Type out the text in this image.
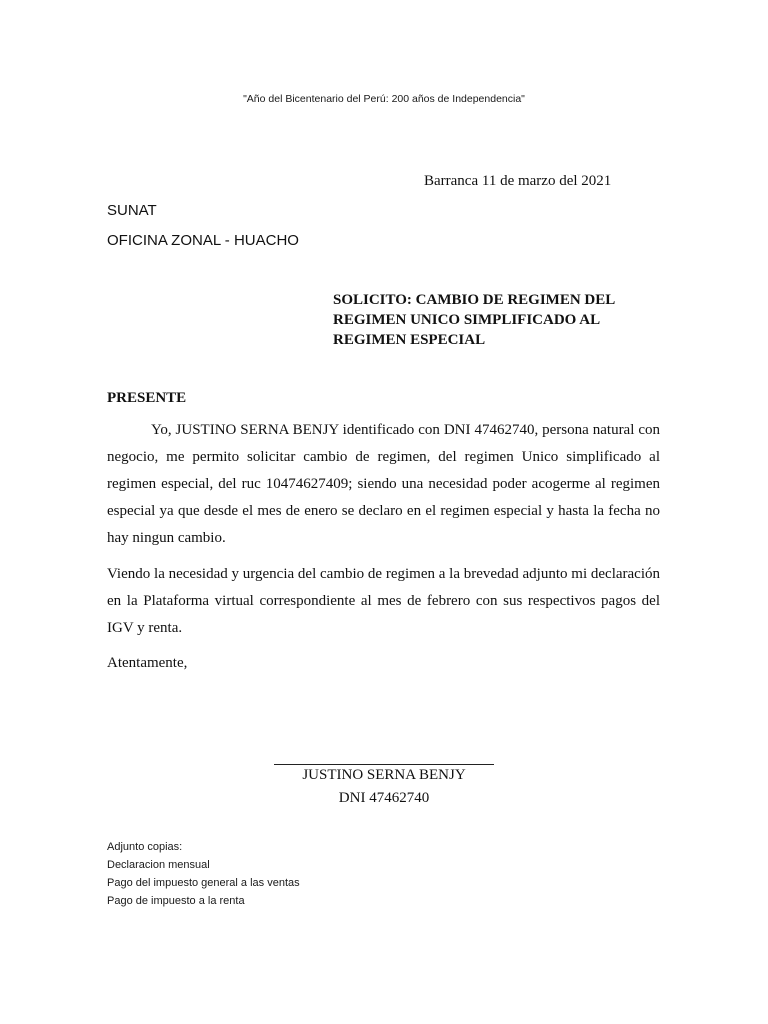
"Año del Bicentenario del Perú: 200 años de Independencia"
Barranca 11 de marzo del 2021
SUNAT
OFICINA ZONAL - HUACHO
SOLICITO: CAMBIO DE REGIMEN DEL
REGIMEN UNICO SIMPLIFICADO AL
REGIMEN ESPECIAL
PRESENTE
Yo, JUSTINO SERNA BENJY identificado con DNI 47462740, persona natural con negocio, me permito solicitar cambio de regimen, del regimen Unico simplificado al regimen especial, del ruc 10474627409; siendo una necesidad poder acogerme al regimen especial ya que desde el mes de enero se declaro en el regimen especial y hasta la fecha no hay ningun cambio.
Viendo la necesidad y urgencia del cambio de regimen a la brevedad adjunto mi declaración en la Plataforma virtual correspondiente al mes de febrero con sus respectivos pagos del IGV y renta.
Atentamente,
JUSTINO SERNA BENJY
DNI 47462740
Adjunto copias:
Declaracion mensual
Pago del impuesto general a las ventas
Pago de impuesto a la renta
